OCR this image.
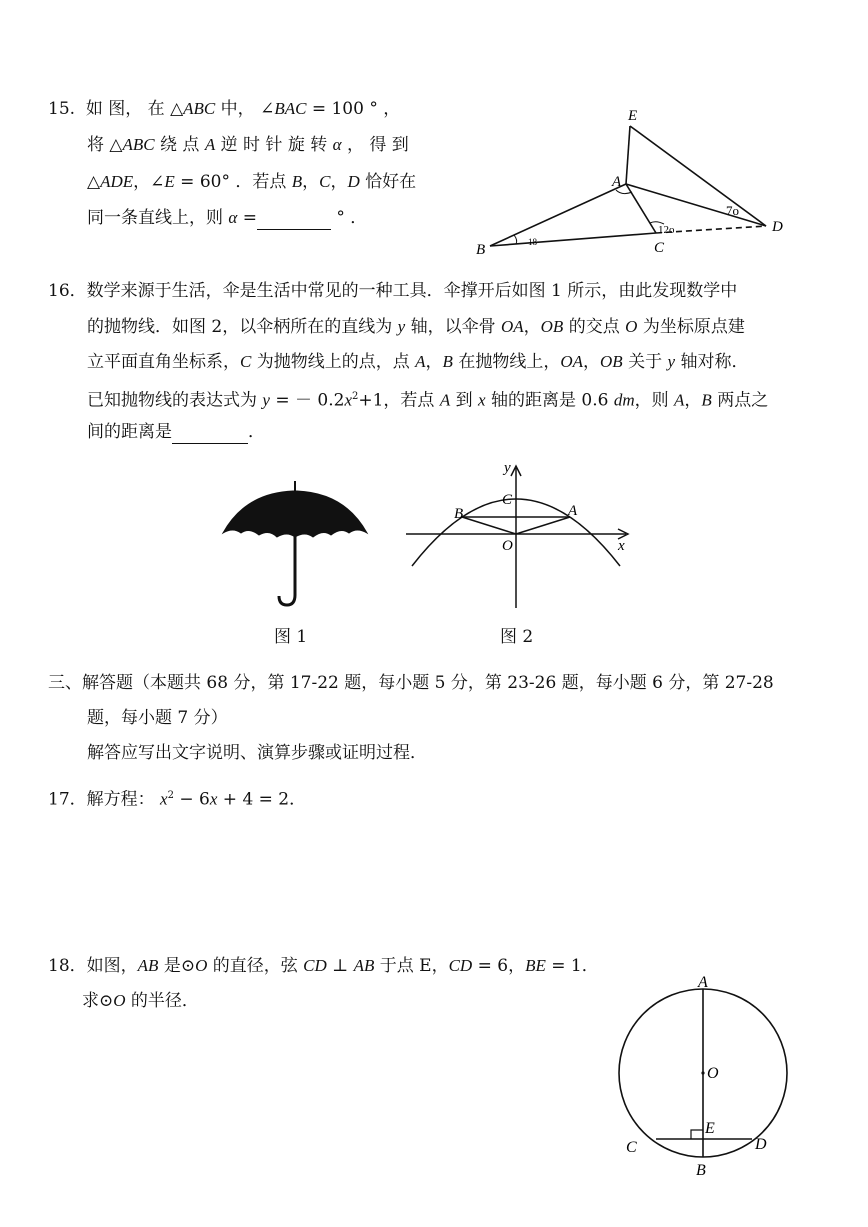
15. 如 图， 在 △ABC 中， ∠BAC = 100 ° ，
将 △ABC 绕 点 A 逆 时 针 旋 转 α ， 得 到
△ADE，∠E = 60° ．若点 B，C，D 恰好在
同一条直线上，则 α =	° ．
E
A
B	C
D
7o
12o
18
16．数学来源于生活，伞是生活中常见的一种工具．伞撑开后如图 1 所示，由此发现数学中
的抛物线．如图 2，以伞柄所在的直线为 y 轴，以伞骨 OA，OB 的交点 O 为坐标原点建
立平面直角坐标系，C 为抛物线上的点，点 A，B 在抛物线上，OA，OB 关于 y 轴对称．
已知抛物线的表达式为 y = － $0.2x^2+1$，若点 A 到 x 轴的距离是 0.6 dm，则 A，B 两点之
间的距离是	．
图 1
y
x
C
B	A
O
图 2
三、解答题（本题共 68 分，第 17-22 题，每小题 5 分，第 23-26 题，每小题 6 分，第 27-28
题，每小题 7 分）
解答应写出文字说明、演算步骤或证明过程．
17．解方程： $x^2 - 6x + 4 = 2$．
18．如图，AB 是⊙O 的直径，弦 CD ⊥ AB 于点 E，CD = 6，BE = 1．
求⊙O 的半径．
A
O
E
C	D
B
